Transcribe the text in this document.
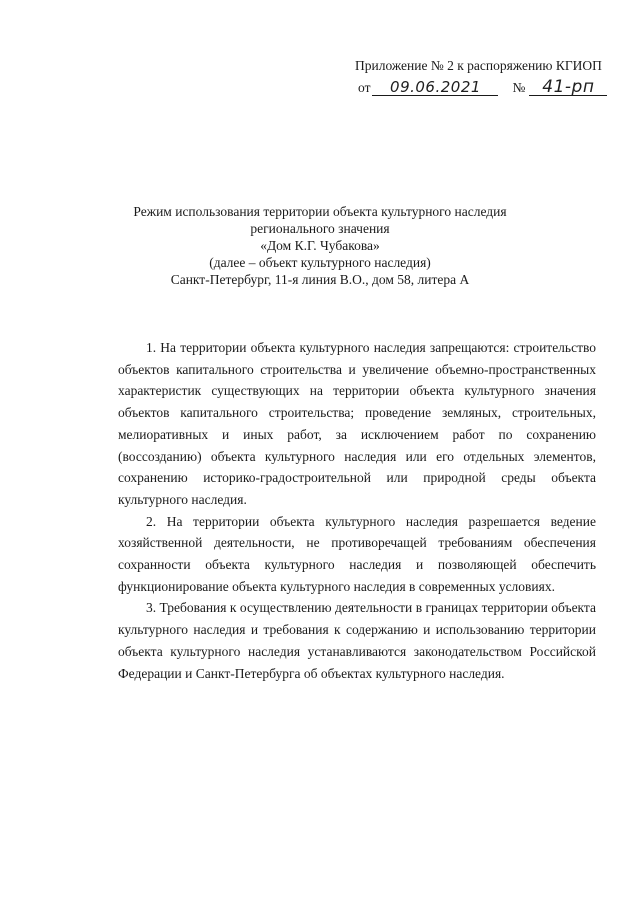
Приложение № 2 к распоряжению КГИОП
от	09.06.2021	№ 41-рп
Режим использования территории объекта культурного наследия
регионального значения
«Дом К.Г. Чубакова»
(далее – объект культурного наследия)
Санкт-Петербург, 11-я линия В.О., дом 58, литера А

1. На территории объекта культурного наследия запрещаются: строительство объектов капитального строительства и увеличение объемно-пространственных характеристик существующих на территории объекта культурного значения объектов капитального строительства; проведение земляных, строительных, мелиоративных и иных работ, за исключением работ по сохранению (воссозданию) объекта культурного наследия или его отдельных элементов, сохранению историко-градостроительной или природной среды объекта культурного наследия.

2. На территории объекта культурного наследия разрешается ведение хозяйственной деятельности, не противоречащей требованиям обеспечения сохранности объекта культурного наследия и позволяющей обеспечить функционирование объекта культурного наследия в современных условиях.

3. Требования к осуществлению деятельности в границах территории объекта культурного наследия и требования к содержанию и использованию территории объекта культурного наследия устанавливаются законодательством Российской Федерации и Санкт-Петербурга об объектах культурного наследия.
